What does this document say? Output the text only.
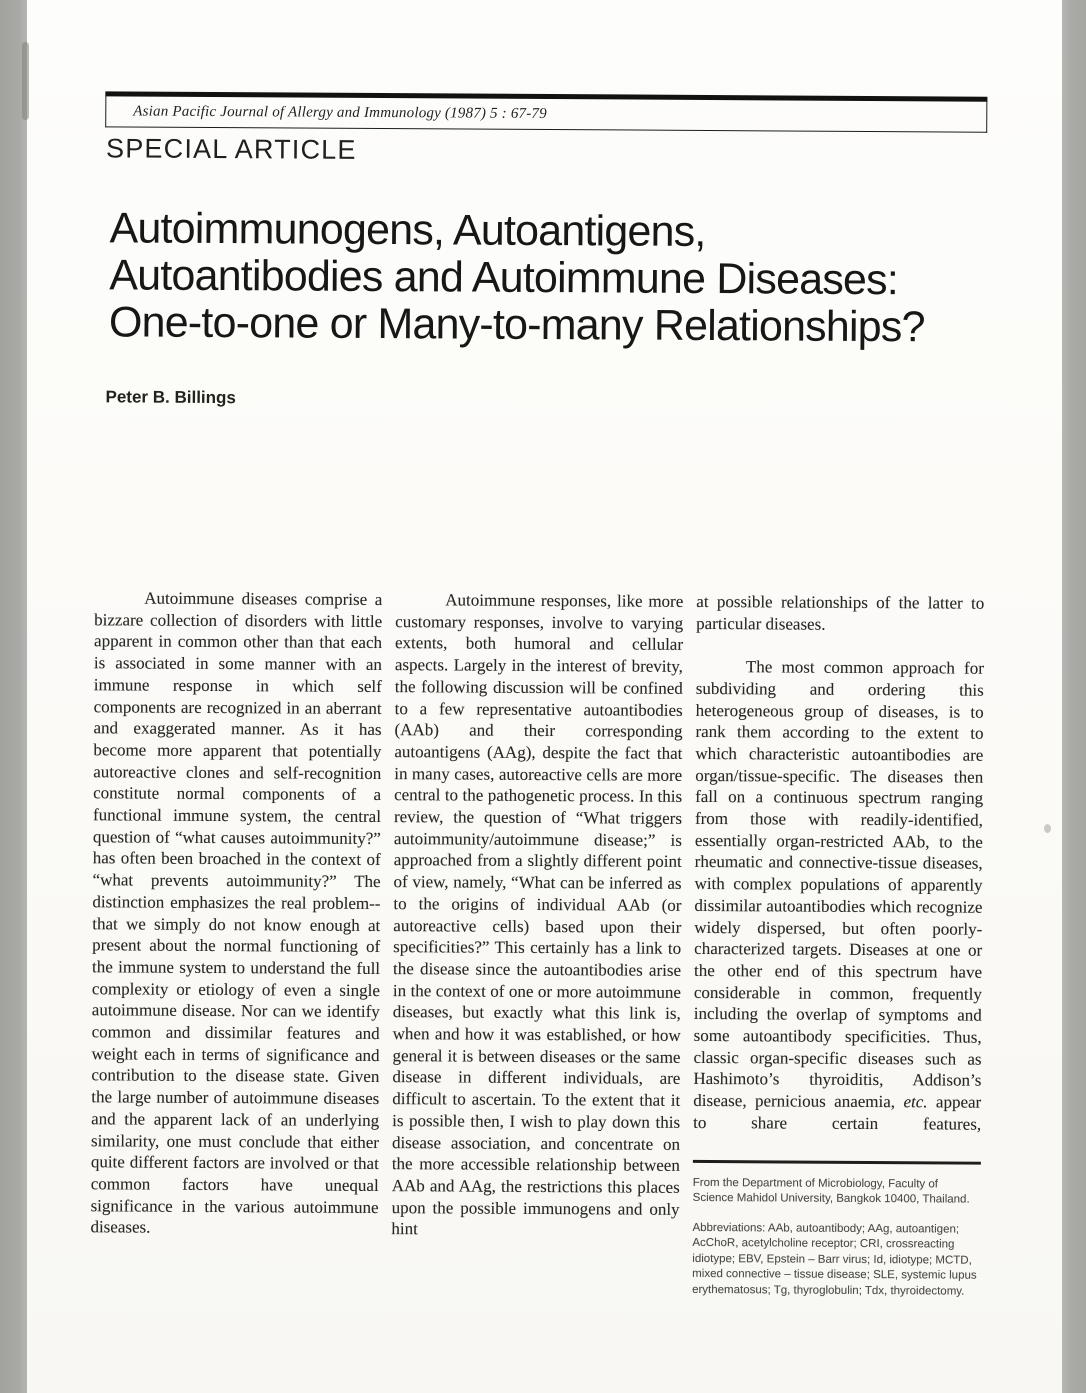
Asian Pacific Journal of Allergy and Immunology (1987) 5 : 67-79
SPECIAL ARTICLE
Autoimmunogens, Autoantigens,
Autoantibodies and Autoimmune Diseases:
One-to-one or Many-to-many Relationships?
Peter B. Billings

Autoimmune diseases comprise a bizzare collection of disorders with little apparent in common other than that each is associated in some manner with an immune response in which self components are recognized in an aberrant and exaggerated manner. As it has become more apparent that potentially autoreactive clones and self-recognition constitute normal components of a functional immune system, the central question of “what causes autoimmunity?” has often been broached in the context of “what prevents autoimmunity?” The distinction emphasizes the real problem--that we simply do not know enough at present about the normal functioning of the immune system to understand the full complexity or etiology of even a single autoimmune disease. Nor can we identify common and dissimilar features and weight each in terms of significance and contribution to the disease state. Given the large number of autoimmune diseases and the apparent lack of an underlying similarity, one must conclude that either quite different factors are involved or that common factors have unequal significance in the various autoimmune diseases.

Autoimmune responses, like more customary responses, involve to varying extents, both humoral and cellular aspects. Largely in the interest of brevity, the following discussion will be confined to a few representative autoantibodies (AAb) and their corresponding autoantigens (AAg), despite the fact that in many cases, autoreactive cells are more central to the pathogenetic process. In this review, the question of “What triggers autoimmunity/autoimmune disease;” is approached from a slightly different point of view, namely, “What can be inferred as to the origins of individual AAb (or autoreactive cells) based upon their specificities?” This certainly has a link to the disease since the autoantibodies arise in the context of one or more autoimmune diseases, but exactly what this link is, when and how it was established, or how general it is between diseases or the same disease in different individuals, are difficult to ascertain. To the extent that it is possible then, I wish to play down this disease association, and concentrate on the more accessible relationship between AAb and AAg, the restrictions this places upon the possible immunogens and only hint

at possible relationships of the latter to particular diseases.

The most common approach for subdividing and ordering this heterogeneous group of diseases, is to rank them according to the extent to which characteristic autoantibodies are organ/tissue-specific. The diseases then fall on a continuous spectrum ranging from those with readily-identified, essentially organ-restricted AAb, to the rheumatic and connective-tissue diseases, with complex populations of apparently dissimilar autoantibodies which recognize widely dispersed, but often poorly-characterized targets. Diseases at one or the other end of this spectrum have considerable in common, frequently including the overlap of symptoms and some autoantibody specificities. Thus, classic organ-specific diseases such as Hashimoto’s thyroiditis, Addison’s disease, pernicious anaemia, etc. appear to share certain features,

From the Department of Microbiology, Faculty of Science Mahidol University, Bangkok 10400, Thailand.

Abbreviations: AAb, autoantibody; AAg, autoantigen; AcChoR, acetylcholine receptor; CRI, crossreacting idiotype; EBV, Epstein – Barr virus; Id, idiotype; MCTD, mixed connective – tissue disease; SLE, systemic lupus erythematosus; Tg, thyroglobulin; Tdx, thyroidectomy.
